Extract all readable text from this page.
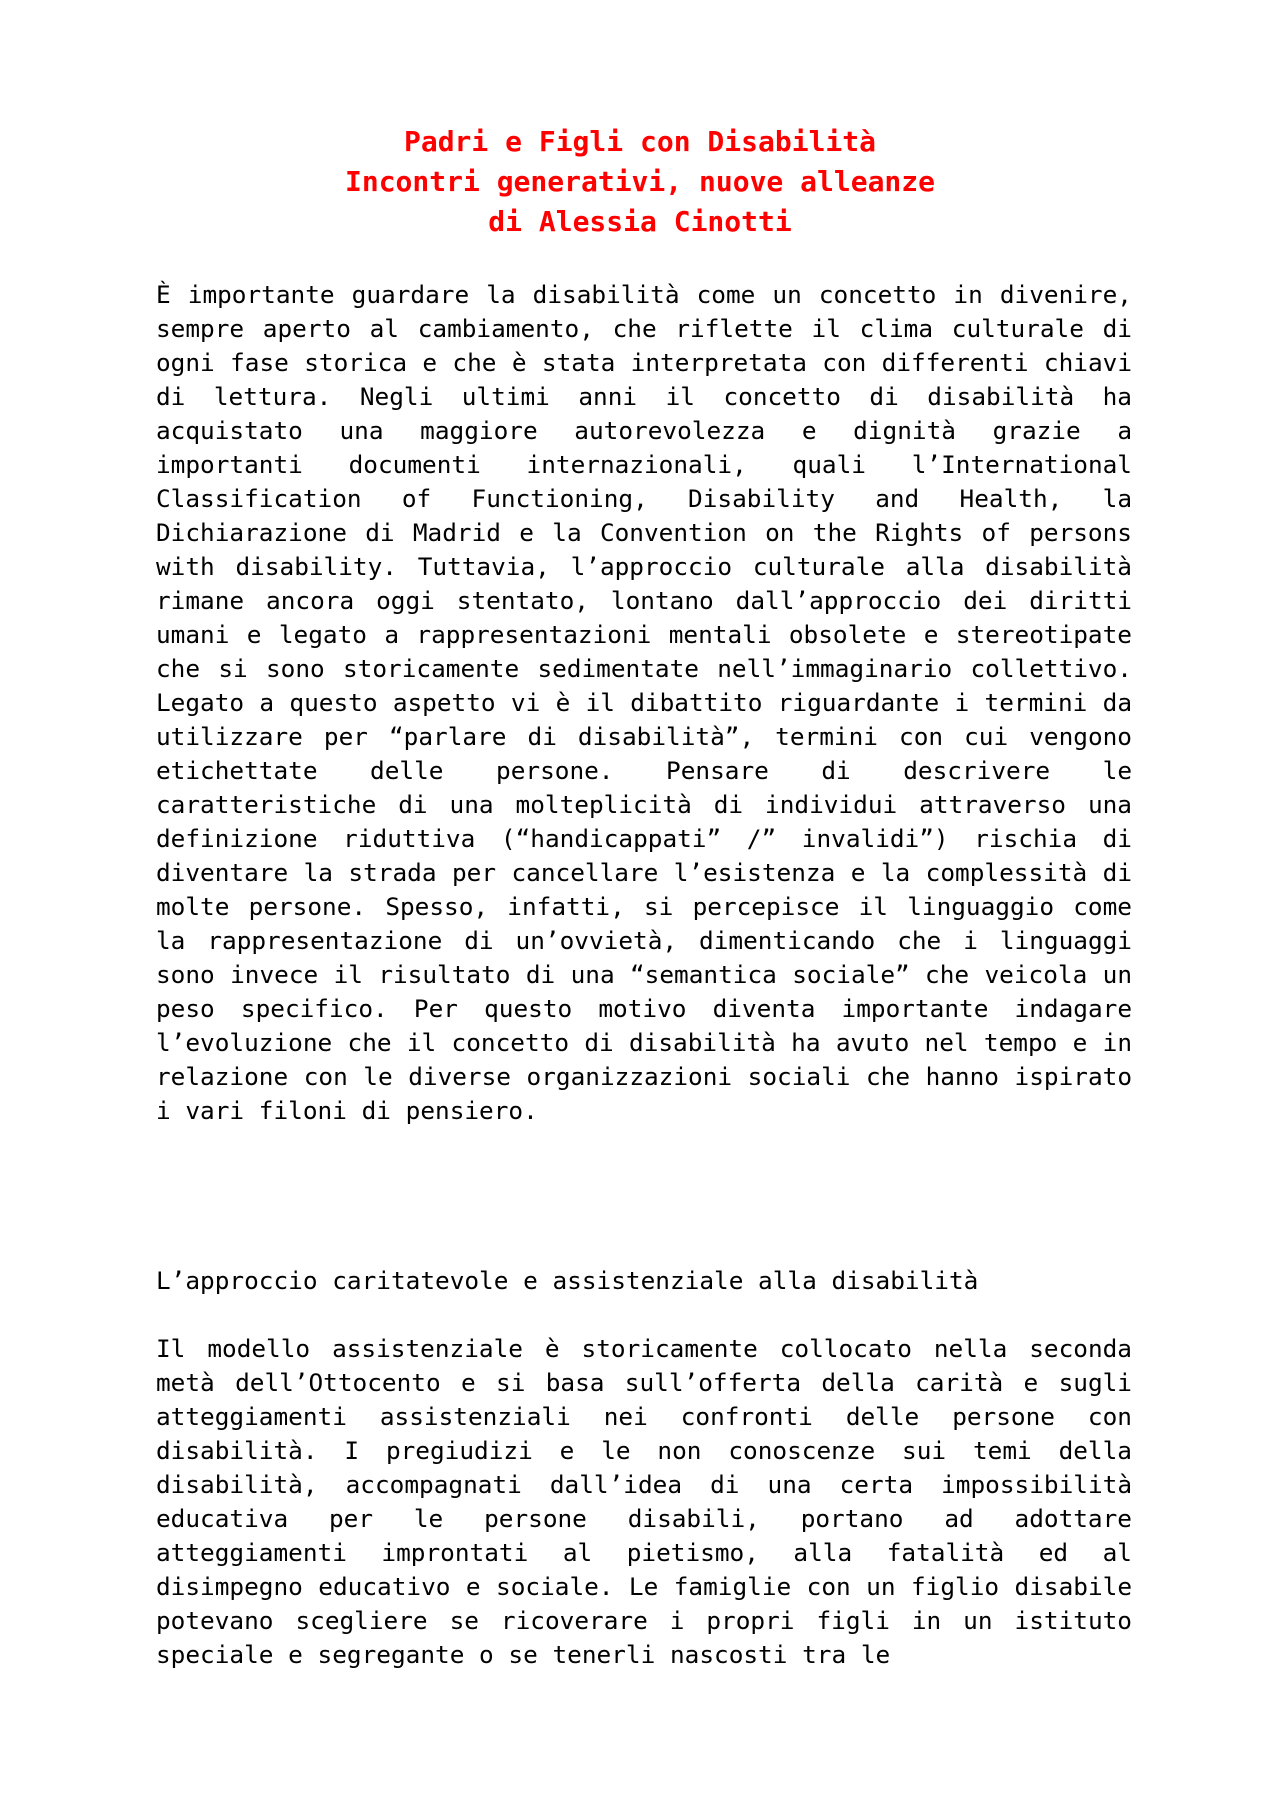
Padri e Figli con Disabilità
Incontri generativi, nuove alleanze
di Alessia Cinotti

È importante guardare la disabilità come un concetto in divenire, sempre aperto al cambiamento, che riflette il clima culturale di ogni fase storica e che è stata interpretata con differenti chiavi di lettura. Negli ultimi anni il concetto di disabilità ha acquistato una maggiore autorevolezza e dignità grazie a importanti documenti internazionali, quali l’International Classification of Functioning, Disability and Health, la Dichiarazione di Madrid e la Convention on the Rights of persons with disability. Tuttavia, l’approccio culturale alla disabilità rimane ancora oggi stentato, lontano dall’approccio dei diritti umani e legato a rappresentazioni mentali obsolete e stereotipate che si sono storicamente sedimentate nell’immaginario collettivo. Legato a questo aspetto vi è il dibattito riguardante i termini da utilizzare per “parlare di disabilità”, termini con cui vengono etichettate delle persone. Pensare di descrivere le caratteristiche di una molteplicità di individui attraverso una definizione riduttiva (“handicappati” /” invalidi”) rischia di diventare la strada per cancellare l’esistenza e la complessità di molte persone. Spesso, infatti, si percepisce il linguaggio come la rappresentazione di un’ovvietà, dimenticando che i linguaggi sono invece il risultato di una “semantica sociale” che veicola un peso specifico. Per questo motivo diventa importante indagare l’evoluzione che il concetto di disabilità ha avuto nel tempo e in relazione con le diverse organizzazioni sociali che hanno ispirato i vari filoni di pensiero.

L’approccio caritatevole e assistenziale alla disabilità

Il modello assistenziale è storicamente collocato nella seconda metà dell’Ottocento e si basa sull’offerta della carità e sugli atteggiamenti assistenziali nei confronti delle persone con disabilità. I pregiudizi e le non conoscenze sui temi della disabilità, accompagnati dall’idea di una certa impossibilità educativa per le persone disabili, portano ad adottare atteggiamenti improntati al pietismo, alla fatalità ed al disimpegno educativo e sociale. Le famiglie con un figlio disabile potevano scegliere se ricoverare i propri figli in un istituto speciale e segregante o se tenerli nascosti tra le
